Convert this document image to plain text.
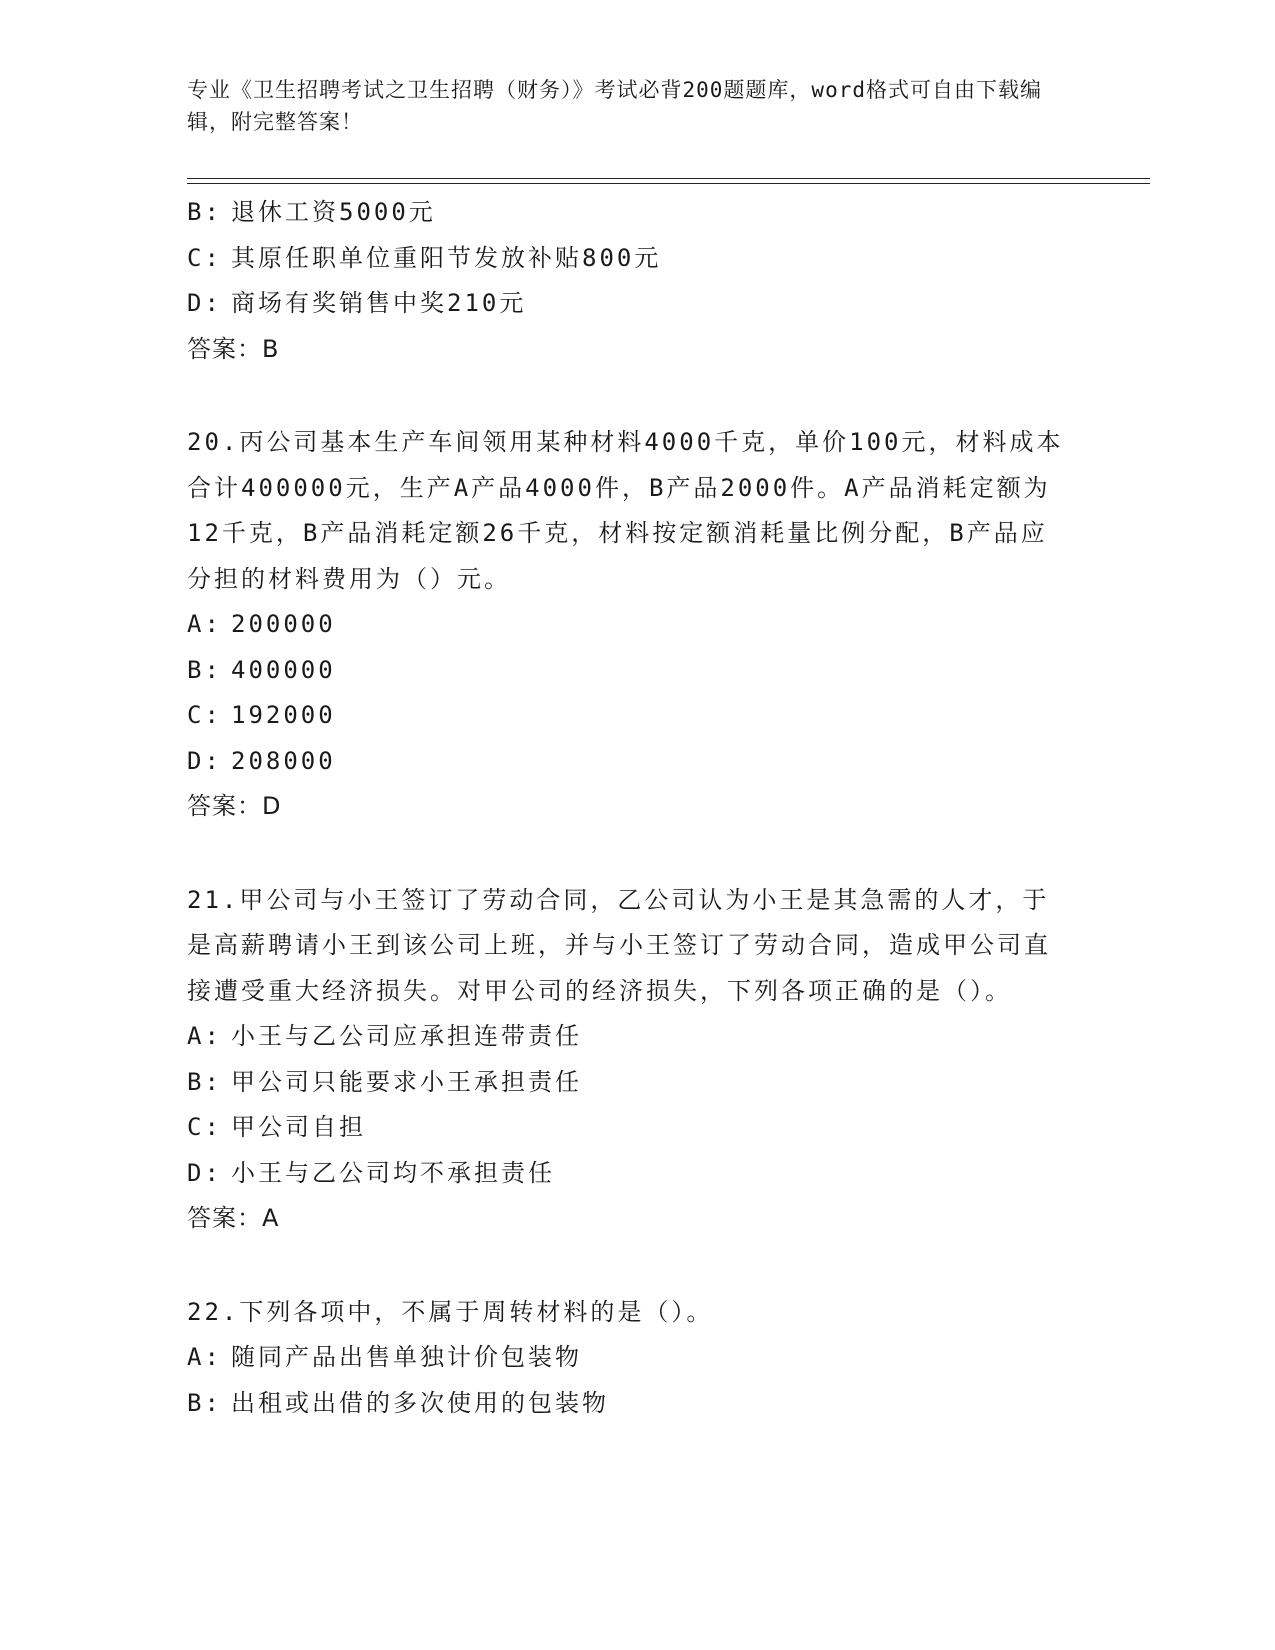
专业《卫生招聘考试之卫生招聘（财务）》考试必背200题题库，word格式可自由下载编辑，附完整答案！
B: 退休工资5000元
C: 其原任职单位重阳节发放补贴800元
D: 商场有奖销售中奖210元
答案：B
20.丙公司基本生产车间领用某种材料4000千克，单价100元，材料成本合计400000元，生产A产品4000件，B产品2000件。A产品消耗定额为12千克，B产品消耗定额26千克，材料按定额消耗量比例分配，B产品应分担的材料费用为（）元。
A: 200000
B: 400000
C: 192000
D: 208000
答案：D
21.甲公司与小王签订了劳动合同，乙公司认为小王是其急需的人才，于是高薪聘请小王到该公司上班，并与小王签订了劳动合同，造成甲公司直接遭受重大经济损失。对甲公司的经济损失，下列各项正确的是（）。
A: 小王与乙公司应承担连带责任
B: 甲公司只能要求小王承担责任
C: 甲公司自担
D: 小王与乙公司均不承担责任
答案：A
22.下列各项中，不属于周转材料的是（）。
A: 随同产品出售单独计价包装物
B: 出租或出借的多次使用的包装物
